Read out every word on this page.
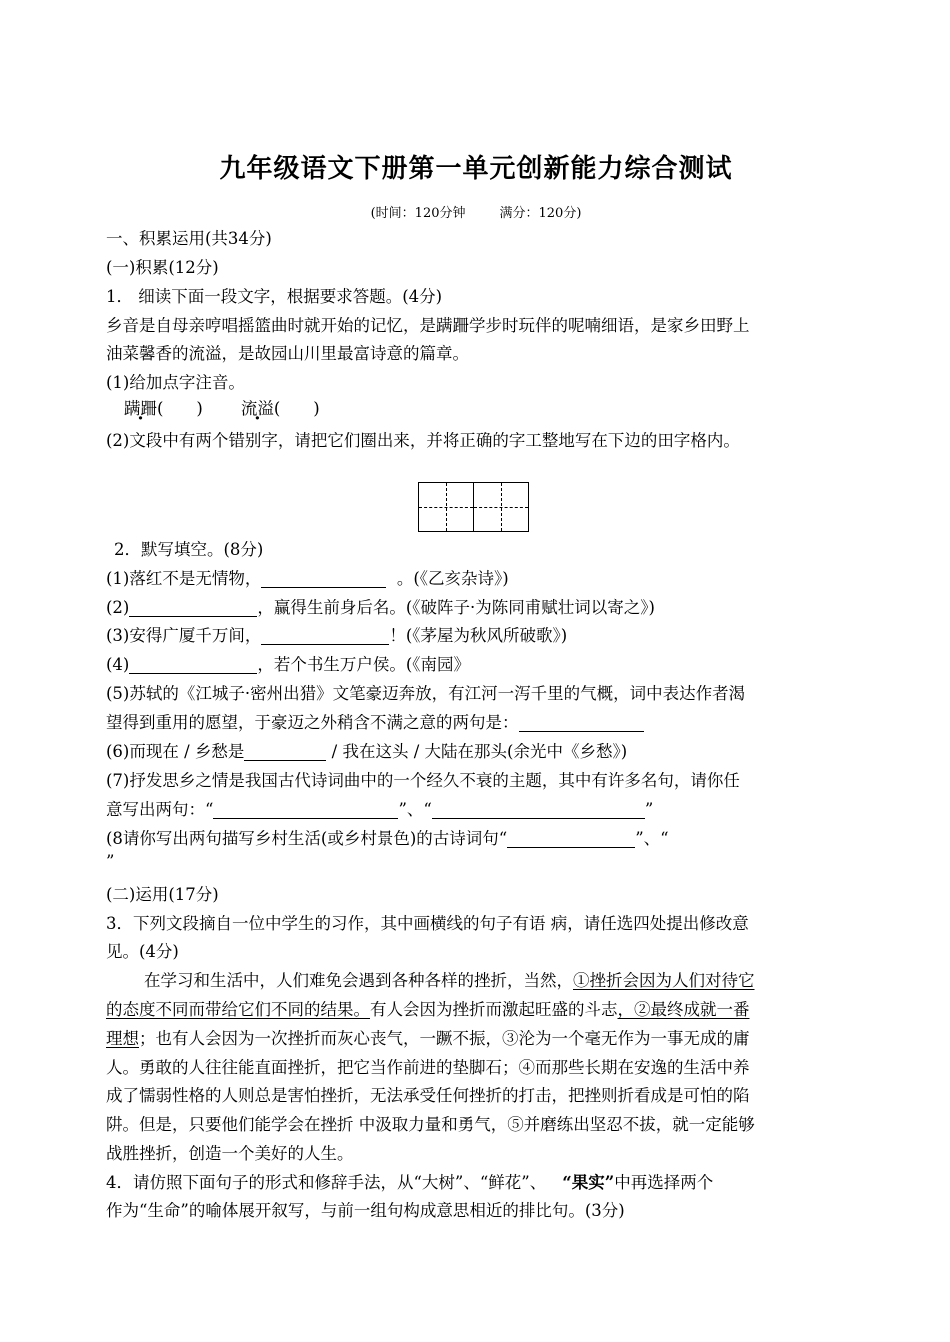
九年级语文下册第一单元创新能力综合测试
(时间：120分钟	满分：120分)
一、积累运用(共34分)
(一)积累(12分)
1． 细读下面一段文字，根据要求答题。(4分)
乡音是自母亲哼唱摇篮曲时就开始的记忆，是蹒跚学步时玩伴的呢喃细语，是家乡田野上
油菜馨香的流溢，是故园山川里最富诗意的篇章。
(1)给加点字注音。
蹒跚(　　) 流溢(　　)
(2)文段中有两个错别字，请把它们圈出来，并将正确的字工整地写在下边的田字格内。
2．默写填空。(8分)
(1)落红不是无情物，	。(《乙亥杂诗》)
(2)	，赢得生前身后名。(《破阵子·为陈同甫赋壮词以寄之》)
(3)安得广厦千万间，	！(《茅屋为秋风所破歌》)
(4)	，若个书生万户侯。(《南园》
(5)苏轼的《江城子·密州出猎》文笔豪迈奔放，有江河一泻千里的气概，词中表达作者渴
望得到重用的愿望，于豪迈之外稍含不满之意的两句是：
(6)而现在 / 乡愁是	/ 我在这头 / 大陆在那头(余光中《乡愁》)
(7)抒发思乡之情是我国古代诗词曲中的一个经久不衰的主题，其中有许多名句，请你任
意写出两句：“	”、“	”
(8请你写出两句描写乡村生活(或乡村景色)的古诗词句“	”、“
”
(二)运用(17分)
3．下列文段摘自一位中学生的习作，其中画横线的句子有语 病，请任选四处提出修改意
见。(4分)
在学习和生活中，人们难免会遇到各种各样的挫折，当然，①挫折会因为人们对待它
的态度不同而带给它们不同的结果。有人会因为挫折而激起旺盛的斗志，②最终成就一番
理想；也有人会因为一次挫折而灰心丧气，一蹶不振，③沦为一个毫无作为一事无成的庸
人。勇敢的人往往能直面挫折，把它当作前进的垫脚石；④而那些长期在安逸的生活中养
成了懦弱性格的人则总是害怕挫折，无法承受任何挫折的打击，把挫则折看成是可怕的陷
阱。但是，只要他们能学会在挫折 中汲取力量和勇气，⑤并磨练出坚忍不拔，就一定能够
战胜挫折，创造一个美好的人生。
4．请仿照下面句子的形式和修辞手法，从“大树”、“鲜花”、 “果实”中再选择两个
作为“生命”的喻体展开叙写，与前一组句构成意思相近的排比句。(3分)
